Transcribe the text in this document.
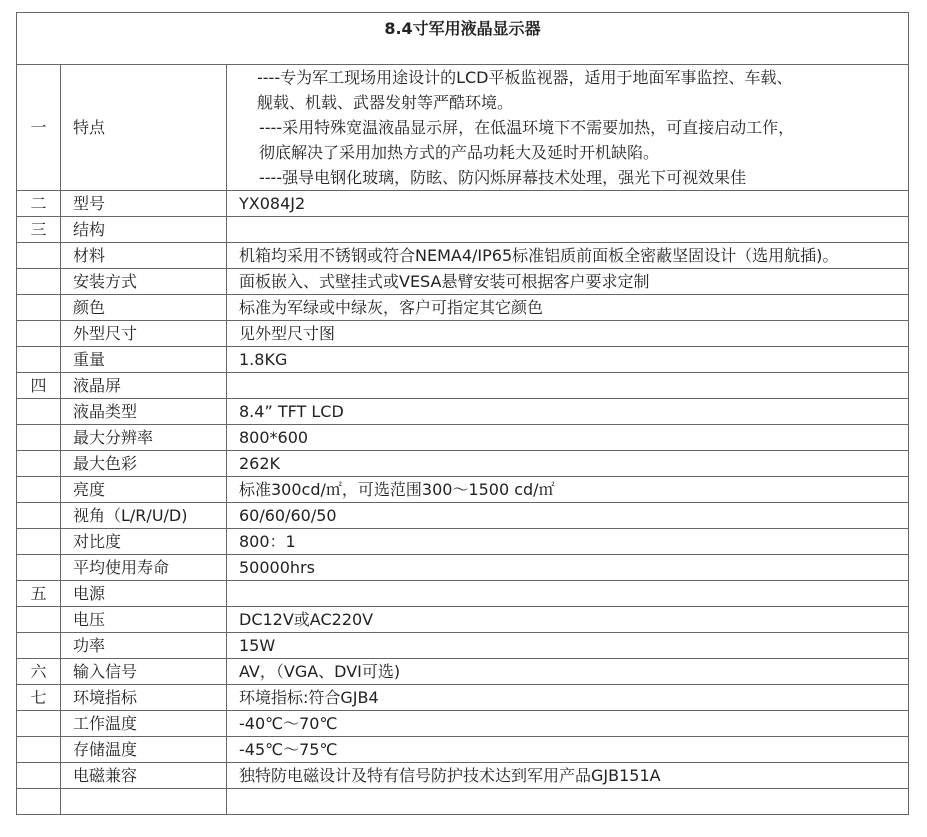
8.4寸军用液晶显示器		
一	特点	----专为军工现场用途设计的LCD平板监视器，适用于地面军事监控、车载、
舰载、机载、武器发射等严酷环境。
----采用特殊宽温液晶显示屏，在低温环境下不需要加热，可直接启动工作，
彻底解决了采用加热方式的产品功耗大及延时开机缺陷。
----强导电钢化玻璃，防眩、防闪烁屏幕技术处理，强光下可视效果佳

二	型号	YX084J2
三	结构	
	材料	机箱均采用不锈钢或符合NEMA4/IP65标准铝质前面板全密蔽坚固设计（选用航插)。
	安装方式	面板嵌入、式壁挂式或VESA悬臂安装可根据客户要求定制
	颜色	标准为军绿或中绿灰，客户可指定其它颜色
	外型尺寸	见外型尺寸图
	重量	1.8KG
四	液晶屏	
	液晶类型	8.4” TFT LCD
	最大分辨率	800*600
	最大色彩	262K
	亮度	标准300cd/㎡，可选范围300～1500 cd/㎡
	视角（L/R/U/D)	60/60/60/50
	对比度	800：1
	平均使用寿命	50000hrs
五	电源	
	电压	DC12V或AC220V
	功率	15W
六	输入信号	AV，（VGA、DVI可选)
七	环境指标	环境指标:符合GJB4
	工作温度	-40℃～70℃
	存储温度	-45℃～75℃
	电磁兼容	独特防电磁设计及特有信号防护技术达到军用产品GJB151A
